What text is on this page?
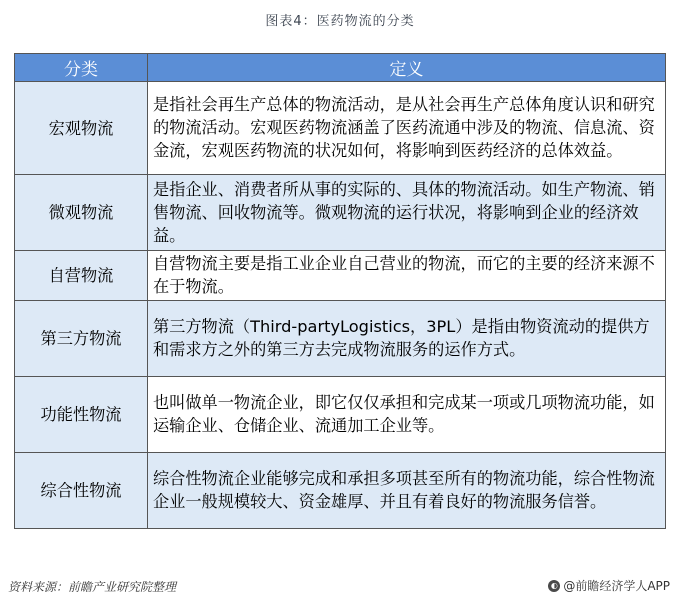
图表4：医药物流的分类
分类	定义
宏观物流	是指社会再生产总体的物流活动，是从社会再生产总体角度认识和研究的物流活动。宏观医药物流涵盖了医药流通中涉及的物流、信息流、资金流，宏观医药物流的状况如何，将影响到医药经济的总体效益。
微观物流	是指企业、消费者所从事的实际的、具体的物流活动。如生产物流、销售物流、回收物流等。微观物流的运行状况，将影响到企业的经济效益。
自营物流	自营物流主要是指工业企业自己营业的物流，而它的主要的经济来源不在于物流。
第三方物流	第三方物流（Third-partyLogistics，3PL）是指由物资流动的提供方和需求方之外的第三方去完成物流服务的运作方式。
功能性物流	也叫做单一物流企业，即它仅仅承担和完成某一项或几项物流功能，如运输企业、仓储企业、流通加工企业等。
综合性物流	综合性物流企业能够完成和承担多项甚至所有的物流功能，综合性物流企业一般规模较大、资金雄厚、并且有着良好的物流服务信誉。
资料来源：前瞻产业研究院整理	◐ @前瞻经济学人APP
